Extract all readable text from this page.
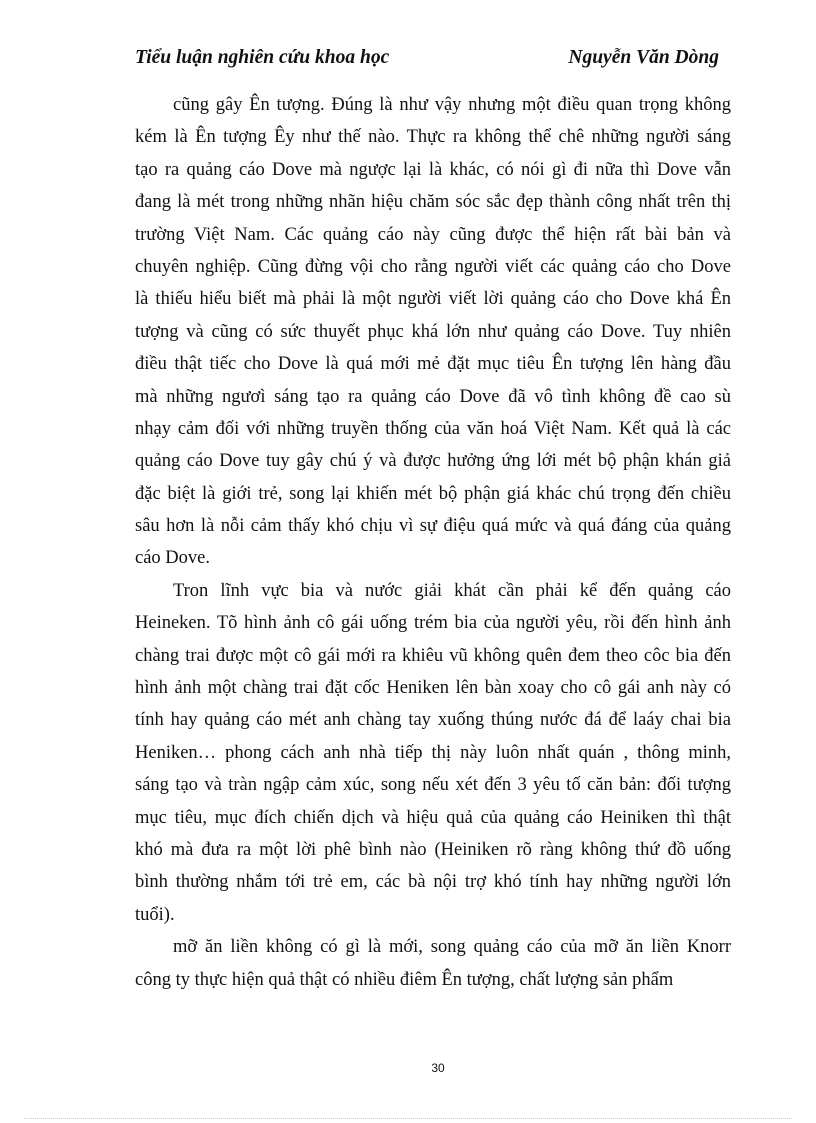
Tiểu luận nghiên cứu khoa học	Nguyễn Văn Dòng
cũng gây Ên tượng. Đúng là như vậy nhưng một điều quan trọng không
kém là Ên tượng Êy như thế nào. Thực ra không thể chê những người sáng
tạo ra quảng cáo Dove mà ngược lại là khác, có nói gì đi nữa thì Dove vẫn
đang là mét trong những nhãn hiệu chăm sóc sắc đẹp thành công nhất trên thị
trường Việt Nam. Các quảng cáo này cũng được thể hiện rất bài bản và
chuyên nghiệp. Cũng đừng vội cho rằng người viết các quảng cáo cho Dove
là thiếu hiểu biết mà phải là một người viết lời quảng cáo cho Dove khá Ên
tượng và cũng có sức thuyết phục khá lớn như quảng cáo Dove. Tuy nhiên
điều thật tiếc cho Dove là quá mới mẻ đặt mục tiêu Ên tượng lên hàng đầu
mà những ngươì sáng tạo ra quảng cáo Dove đã vô tình không đề cao sù
nhạy cảm đối với những truyền thống của văn hoá Việt Nam. Kết quả là các
quảng cáo Dove tuy gây chú ý và được hưởng ứng lới mét bộ phận khán giả
đặc biệt là giới trẻ, song lại khiến mét bộ phận giá khác chú trọng đến chiều
sâu hơn là nỗi cảm thấy khó chịu vì sự điệu quá mức và quá đáng của quảng
cáo Dove.
Tron lĩnh vực bia và nước giải khát cần phải kể đến quảng cáo
Heineken. Tõ hình ảnh cô gái uống trém bia của người yêu, rồi đến hình ảnh
chàng trai được một cô gái mới ra khiêu vũ không quên đem theo côc bia đến
hình ảnh một chàng trai đặt cốc Heniken lên bàn xoay cho cô gái anh này có
tính hay quảng cáo mét anh chàng tay xuống thúng nước đá để laáy chai bia
Heniken… phong cách anh nhà tiếp thị này luôn nhất quán , thông minh,
sáng tạo và tràn ngập cảm xúc, song nếu xét đến 3 yêu tố căn bản: đối tượng
mục tiêu, mục đích chiến dịch và hiệu quả của quảng cáo Heiniken thì thật
khó mà đưa ra một lời phê bình nào (Heiniken rõ ràng không thứ đồ uống
bình thường nhắm tới trẻ em, các bà nội trợ khó tính hay những người lớn
tuổi).
mỡ ăn liền không có gì là mới, song quảng cáo của mỡ ăn liền Knorr
công ty thực hiện quả thật có nhiều điêm Ên tượng, chất lượng sản phẩm
30
